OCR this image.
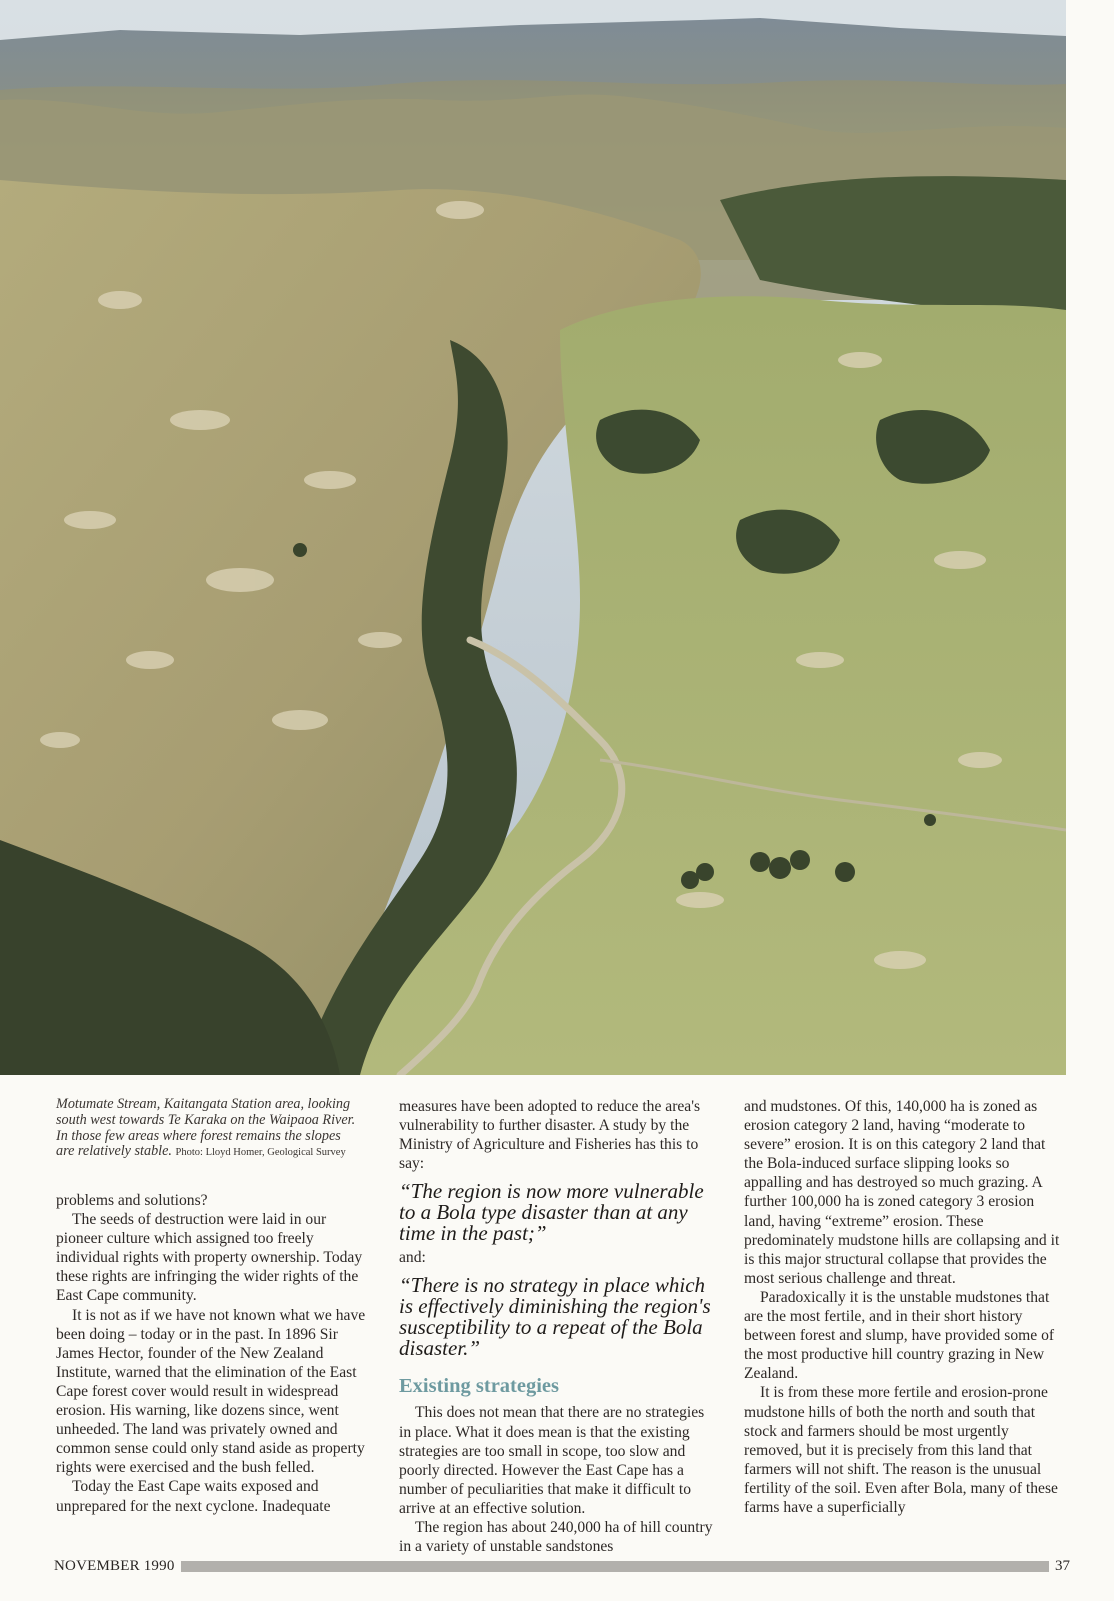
Motumate Stream, Kaitangata Station area, looking south west towards Te Karaka on the Waipaoa River. In those few areas where forest remains the slopes are relatively stable. Photo: Lloyd Homer, Geological Survey

problems and solutions?

The seeds of destruction were laid in our pioneer culture which assigned too freely individual rights with property ownership. Today these rights are infringing the wider rights of the East Cape community.

It is not as if we have not known what we have been doing – today or in the past. In 1896 Sir James Hector, founder of the New Zealand Institute, warned that the elimination of the East Cape forest cover would result in widespread erosion. His warning, like dozens since, went unheeded. The land was privately owned and common sense could only stand aside as property rights were exercised and the bush felled.

Today the East Cape waits exposed and unprepared for the next cyclone. Inadequate

measures have been adopted to reduce the area's vulnerability to further disaster. A study by the Ministry of Agriculture and Fisheries has this to say:

“The region is now more vulnerable to a Bola type disaster than at any time in the past;”

and:

“There is no strategy in place which is effectively diminishing the region's susceptibility to a repeat of the Bola disaster.”
Existing strategies

This does not mean that there are no strategies in place. What it does mean is that the existing strategies are too small in scope, too slow and poorly directed. However the East Cape has a number of peculiarities that make it difficult to arrive at an effective solution.

The region has about 240,000 ha of hill country in a variety of unstable sandstones

and mudstones. Of this, 140,000 ha is zoned as erosion category 2 land, having “moderate to severe” erosion. It is on this category 2 land that the Bola-induced surface slipping looks so appalling and has destroyed so much grazing. A further 100,000 ha is zoned category 3 erosion land, having “extreme” erosion. These predominately mudstone hills are collapsing and it is this major structural collapse that provides the most serious challenge and threat.

Paradoxically it is the unstable mudstones that are the most fertile, and in their short history between forest and slump, have provided some of the most productive hill country grazing in New Zealand.

It is from these more fertile and erosion-prone mudstone hills of both the north and south that stock and farmers should be most urgently removed, but it is precisely from this land that farmers will not shift. The reason is the unusual fertility of the soil. Even after Bola, many of these farms have a superficially

NOVEMBER 1990	37
